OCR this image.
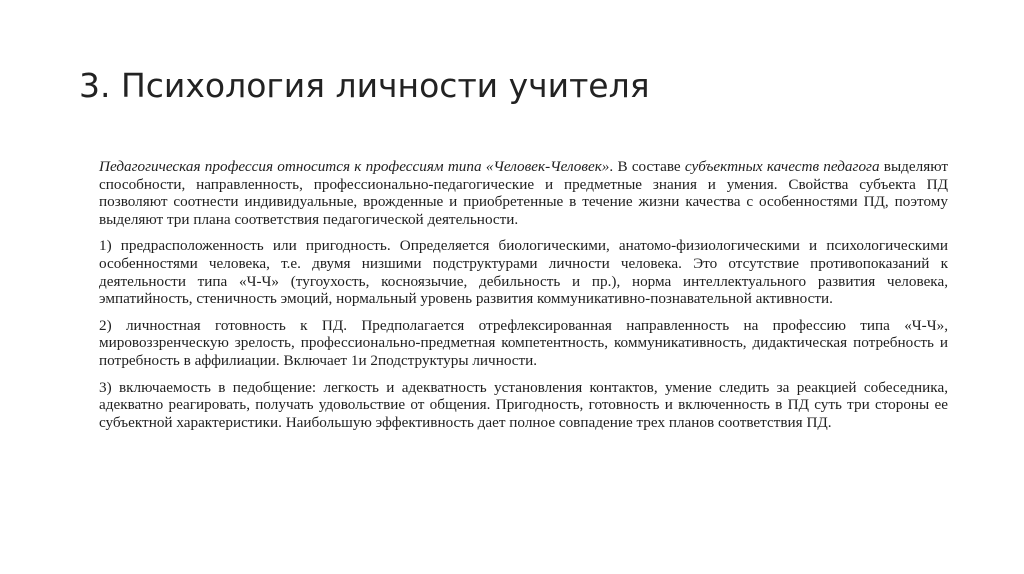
3. Психология личности учителя

Педагогическая профессия относится к профессиям типа «Человек-Человек». В составе субъектных качеств педагога выделяют способности, направленность, профессионально-педагогические и предметные знания и умения. Свойства субъекта ПД позволяют соотнести индивидуальные, врожденные и приобретенные в течение жизни качества с особенностями ПД, поэтому выделяют три плана соответствия педагогической деятельности.

1) предрасположенность или пригодность. Определяется биологическими, анатомо-физиологическими и психологическими особенностями человека, т.е. двумя низшими подструктурами личности человека. Это отсутствие противопоказаний к деятельности типа «Ч-Ч» (тугоухость, косноязычие, дебильность и пр.), норма интеллектуального развития человека, эмпатийность, стеничность эмоций, нормальный уровень развития коммуникативно-познавательной активности.

2) личностная готовность к ПД. Предполагается отрефлексированная направленность на профессию типа «Ч-Ч», мировоззренческую зрелость, профессионально-предметная компетентность, коммуникативность, дидактическая потребность и потребность в аффилиации. Включает 1и 2подструктуры личности.

3) включаемость в педобщение: легкость и адекватность установления контактов, умение следить за реакцией собеседника, адекватно реагировать, получать удовольствие от общения. Пригодность, готовность и включенность в ПД суть три стороны ее субъектной характеристики. Наибольшую эффективность дает полное совпадение трех планов соответствия ПД.
